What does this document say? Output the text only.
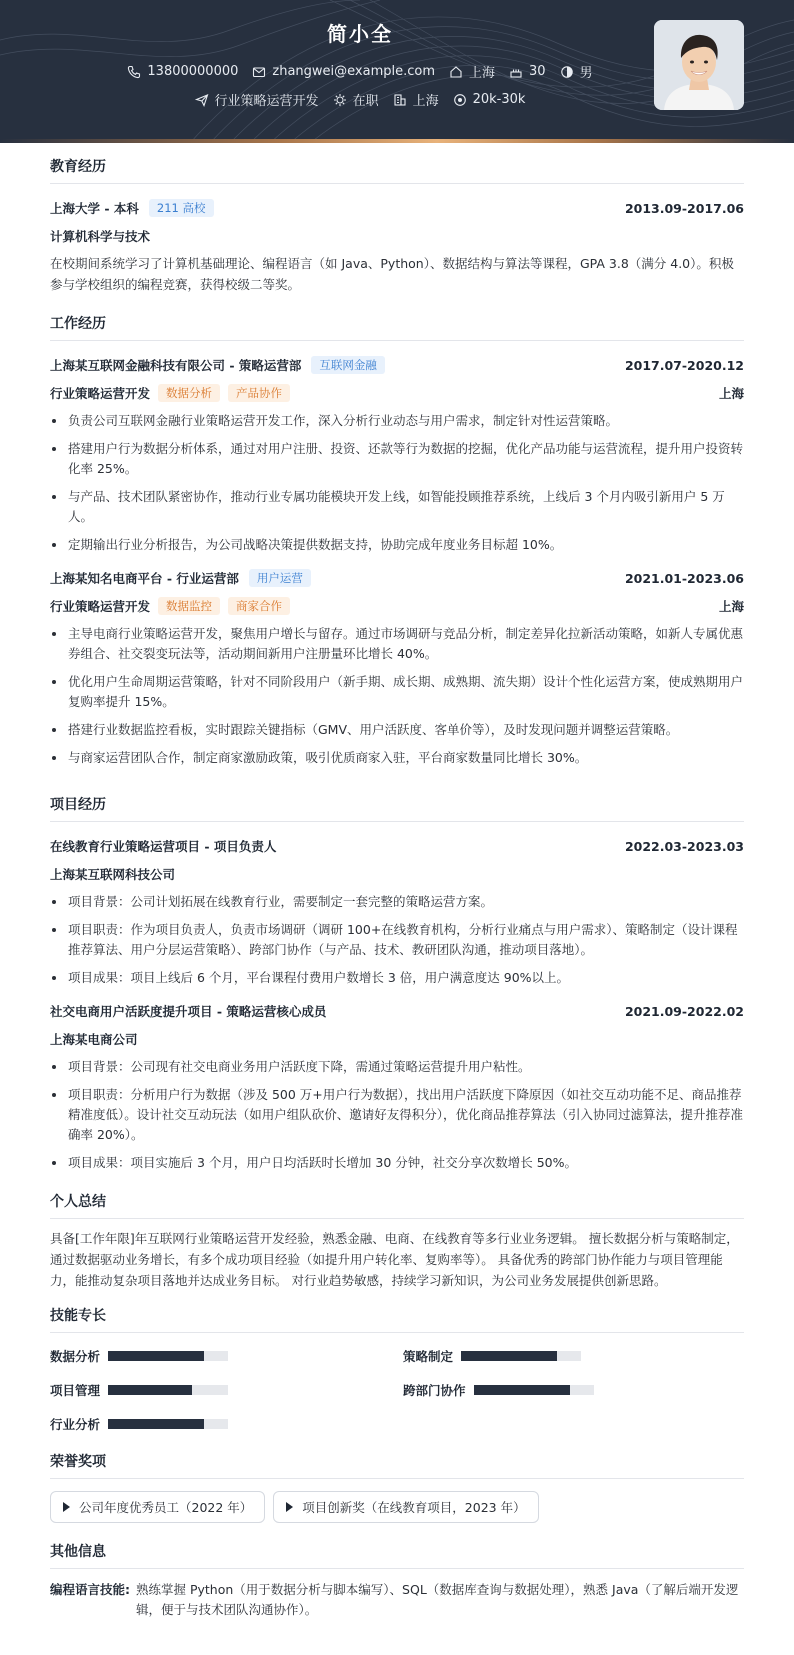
简小全
13800000000	zhangwei@example.com	上海	30	男
行业策略运营开发	在职	上海	20k-30k
教育经历
上海大学 - 本科	211 高校	2013.09-2017.06
计算机科学与技术
在校期间系统学习了计算机基础理论、编程语言（如 Java、Python）、数据结构与算法等课程，GPA 3.8（满分 4.0）。积极参与学校组织的编程竞赛，获得校级二等奖。
工作经历
上海某互联网金融科技有限公司 - 策略运营部	互联网金融	2017.07-2020.12
行业策略运营开发	数据分析	产品协作	上海
负责公司互联网金融行业策略运营开发工作，深入分析行业动态与用户需求，制定针对性运营策略。
搭建用户行为数据分析体系，通过对用户注册、投资、还款等行为数据的挖掘，优化产品功能与运营流程，提升用户投资转化率 25%。
与产品、技术团队紧密协作，推动行业专属功能模块开发上线，如智能投顾推荐系统，上线后 3 个月内吸引新用户 5 万人。
定期输出行业分析报告，为公司战略决策提供数据支持，协助完成年度业务目标超 10%。
上海某知名电商平台 - 行业运营部	用户运营	2021.01-2023.06
行业策略运营开发	数据监控	商家合作	上海
主导电商行业策略运营开发，聚焦用户增长与留存。通过市场调研与竞品分析，制定差异化拉新活动策略，如新人专属优惠券组合、社交裂变玩法等，活动期间新用户注册量环比增长 40%。
优化用户生命周期运营策略，针对不同阶段用户（新手期、成长期、成熟期、流失期）设计个性化运营方案，使成熟期用户复购率提升 15%。
搭建行业数据监控看板，实时跟踪关键指标（GMV、用户活跃度、客单价等），及时发现问题并调整运营策略。
与商家运营团队合作，制定商家激励政策，吸引优质商家入驻，平台商家数量同比增长 30%。
项目经历
在线教育行业策略运营项目 - 项目负责人	2022.03-2023.03
上海某互联网科技公司
项目背景：公司计划拓展在线教育行业，需要制定一套完整的策略运营方案。
项目职责：作为项目负责人，负责市场调研（调研 100+在线教育机构，分析行业痛点与用户需求）、策略制定（设计课程推荐算法、用户分层运营策略）、跨部门协作（与产品、技术、教研团队沟通，推动项目落地）。
项目成果：项目上线后 6 个月，平台课程付费用户数增长 3 倍，用户满意度达 90%以上。
社交电商用户活跃度提升项目 - 策略运营核心成员	2021.09-2022.02
上海某电商公司
项目背景：公司现有社交电商业务用户活跃度下降，需通过策略运营提升用户粘性。
项目职责：分析用户行为数据（涉及 500 万+用户行为数据），找出用户活跃度下降原因（如社交互动功能不足、商品推荐精准度低）。设计社交互动玩法（如用户组队砍价、邀请好友得积分），优化商品推荐算法（引入协同过滤算法，提升推荐准确率 20%）。
项目成果：项目实施后 3 个月，用户日均活跃时长增加 30 分钟，社交分享次数增长 50%。
个人总结
具备[工作年限]年互联网行业策略运营开发经验，熟悉金融、电商、在线教育等多行业业务逻辑。 擅长数据分析与策略制定，通过数据驱动业务增长，有多个成功项目经验（如提升用户转化率、复购率等）。 具备优秀的跨部门协作能力与项目管理能力，能推动复杂项目落地并达成业务目标。 对行业趋势敏感，持续学习新知识，为公司业务发展提供创新思路。
技能专长
数据分析	策略制定
项目管理	跨部门协作
行业分析
荣誉奖项
公司年度优秀员工（2022 年）	项目创新奖（在线教育项目，2023 年）
其他信息
编程语言技能: 熟练掌握 Python（用于数据分析与脚本编写）、SQL（数据库查询与数据处理），熟悉 Java（了解后端开发逻辑，便于与技术团队沟通协作）。
